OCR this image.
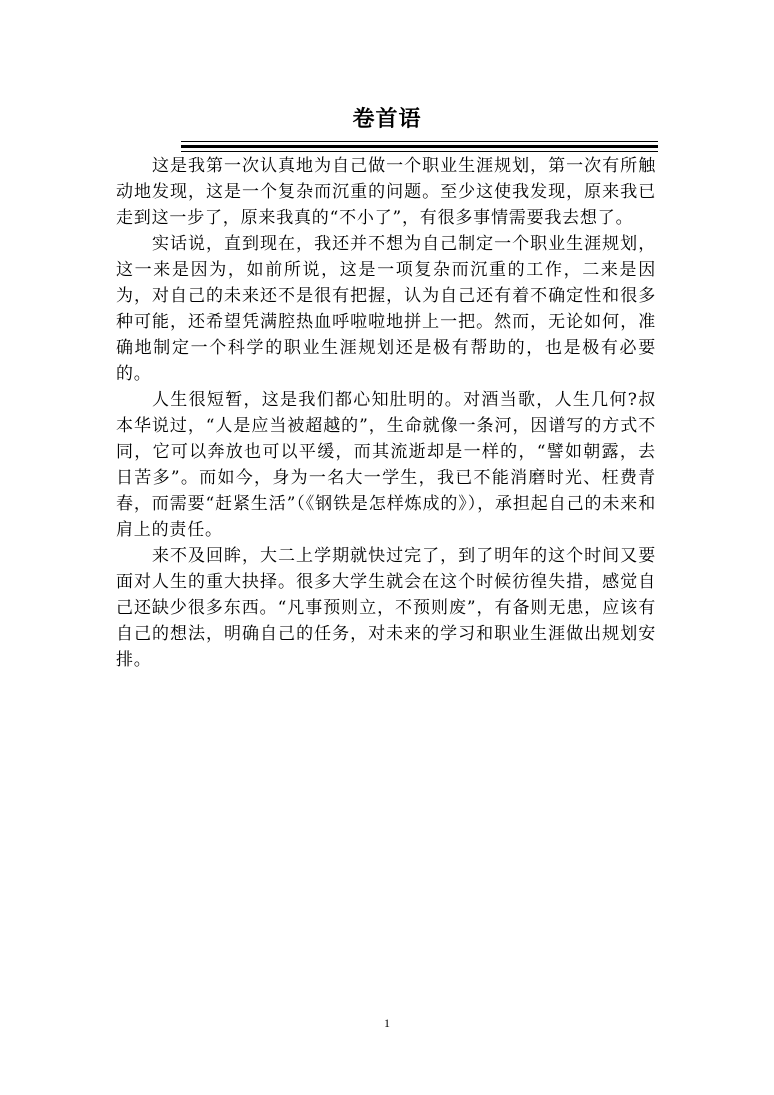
卷首语

这是我第一次认真地为自己做一个职业生涯规划，第一次有所触动地发现，这是一个复杂而沉重的问题。至少这使我发现，原来我已走到这一步了，原来我真的“不小了”，有很多事情需要我去想了。

实话说，直到现在，我还并不想为自己制定一个职业生涯规划，这一来是因为，如前所说，这是一项复杂而沉重的工作，二来是因为，对自己的未来还不是很有把握，认为自己还有着不确定性和很多种可能，还希望凭满腔热血呼啦啦地拼上一把。然而，无论如何，准确地制定一个科学的职业生涯规划还是极有帮助的，也是极有必要的。

人生很短暂，这是我们都心知肚明的。对酒当歌，人生几何?叔本华说过，“人是应当被超越的”，生命就像一条河，因谱写的方式不同，它可以奔放也可以平缓，而其流逝却是一样的，“譬如朝露，去日苦多”。而如今，身为一名大一学生，我已不能消磨时光、枉费青春，而需要“赶紧生活”（《钢铁是怎样炼成的》），承担起自己的未来和肩上的责任。

来不及回眸，大二上学期就快过完了，到了明年的这个时间又要面对人生的重大抉择。很多大学生就会在这个时候彷徨失措，感觉自己还缺少很多东西。“凡事预则立，不预则废”，有备则无患，应该有自己的想法，明确自己的任务，对未来的学习和职业生涯做出规划安排。

1
